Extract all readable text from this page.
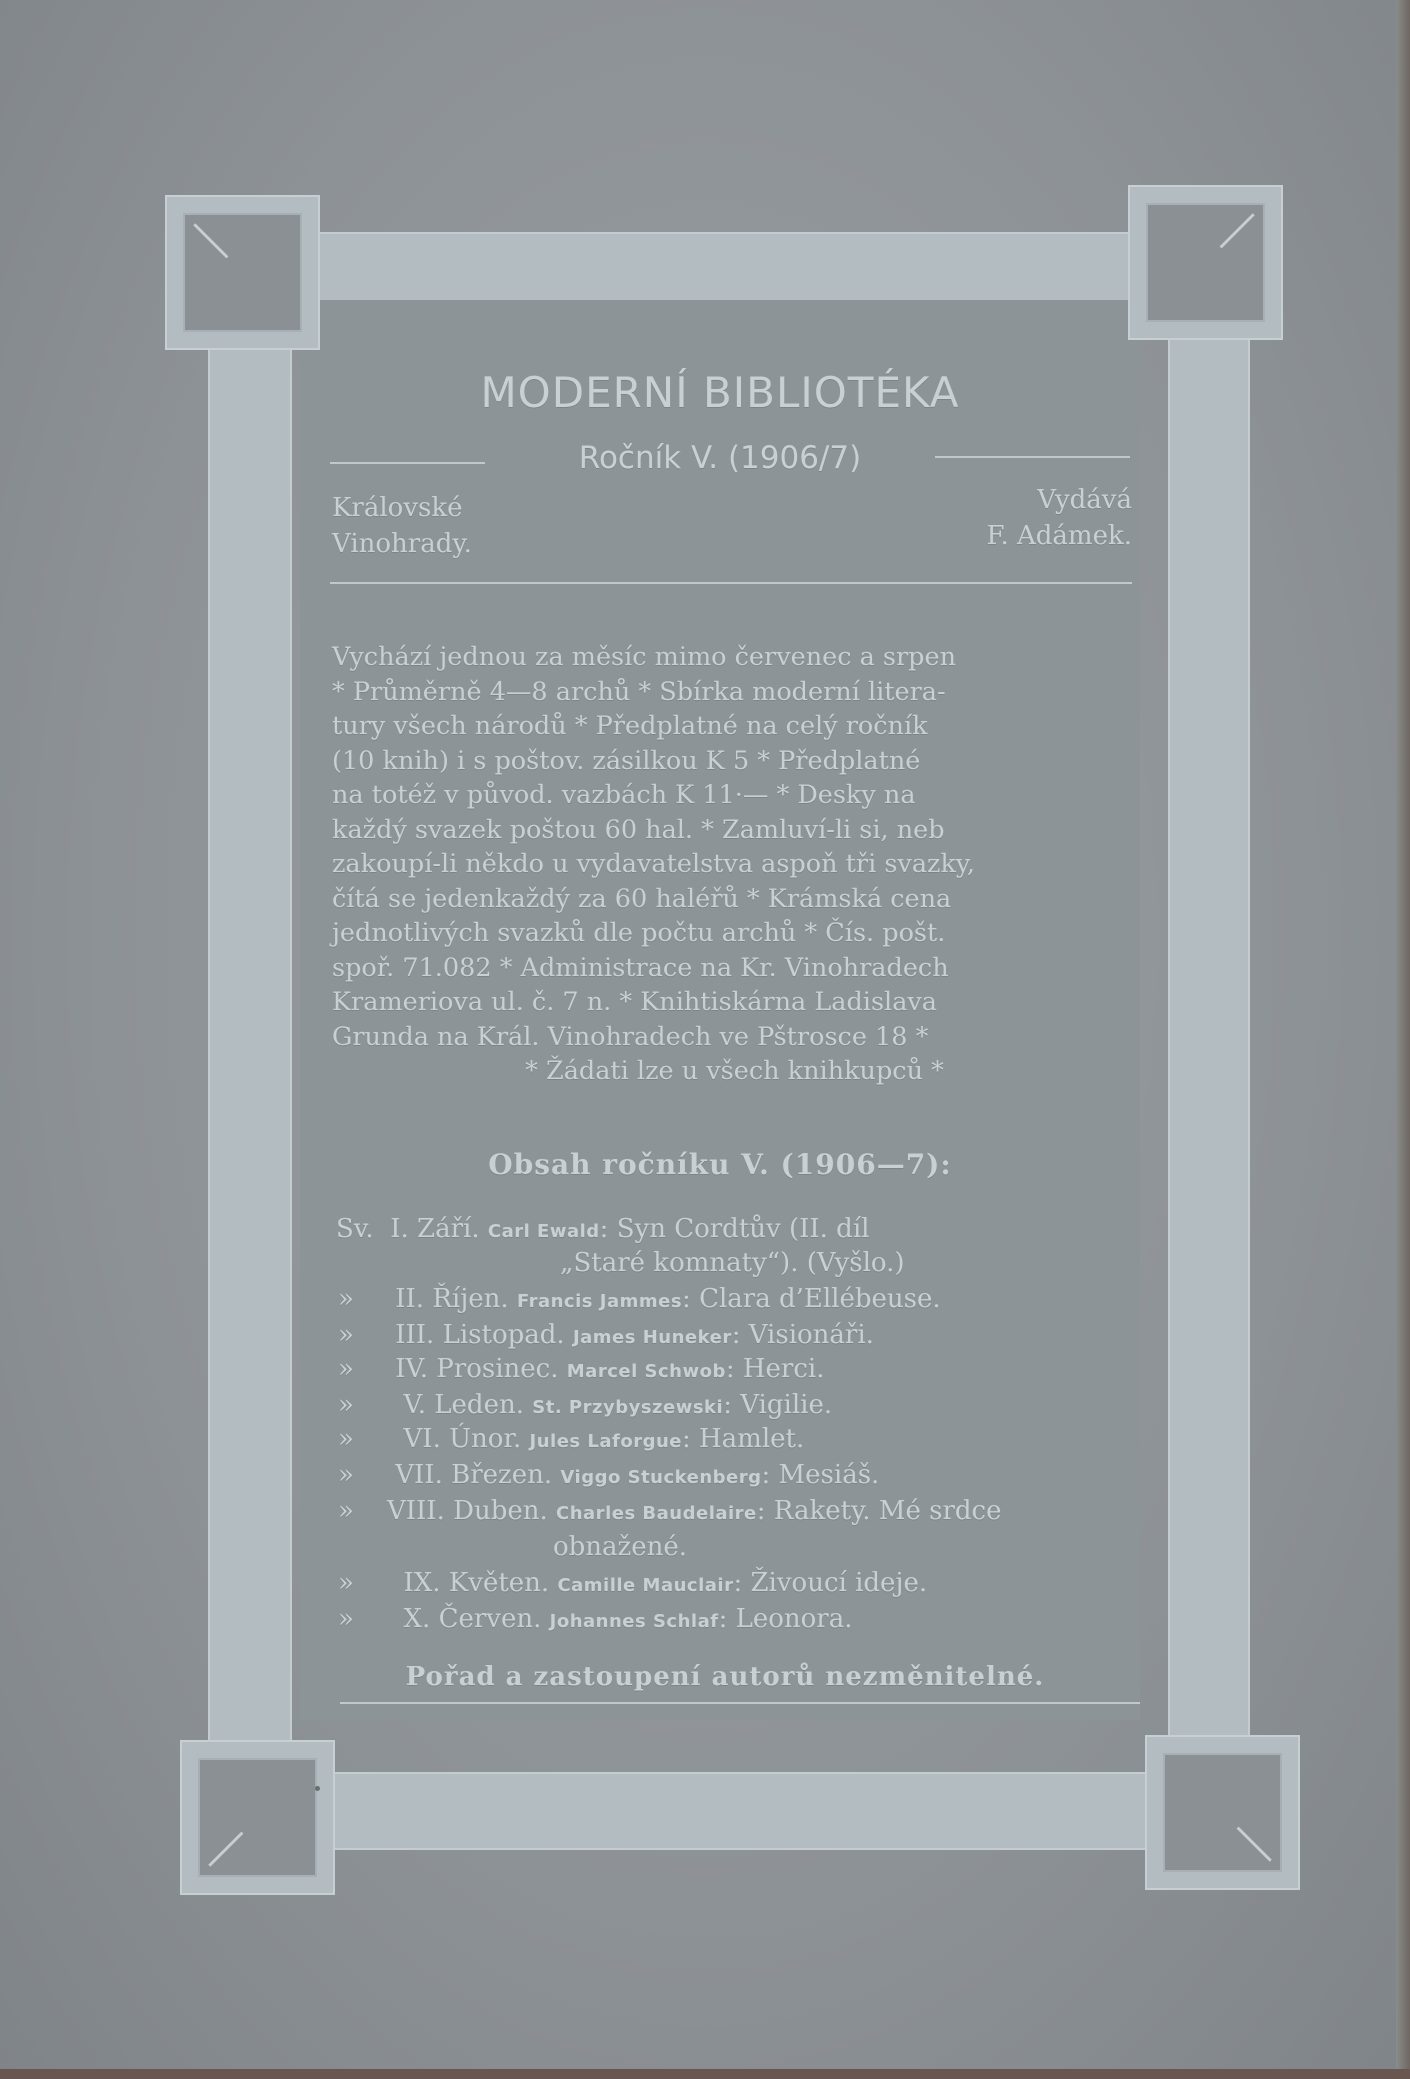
MODERNÍ BIBLIOTÉKA
Ročník V. (1906/7)
Královské
Vinohrady.
Vydává
F. Adámek.

Vychází jednou za měsíc mimo červenec a srpen

* Průměrně 4—8 archů * Sbírka moderní litera-

tury všech národů * Předplatné na celý ročník

(10 knih) i s poštov. zásilkou K 5 * Předplatné

na totéž v původ. vazbách K 11·— * Desky na

každý svazek poštou 60 hal. * Zamluví-li si, neb

zakoupí-li někdo u vydavatelstva aspoň tři svazky,

čítá se jedenkaždý za 60 haléřů * Krámská cena

jednotlivých svazků dle počtu archů * Čís. pošt.

spoř. 71.082 * Administrace na Kr. Vinohradech

Krameriova ul. č. 7 n. * Knihtiskárna Ladislava

Grunda na Král. Vinohradech ve Pštrosce 18 *

* Žádati lze u všech knihkupců *

Obsah ročníku V. (1906—7):
Sv. I. Září. Carl Ewald: Syn Cordtův (II. díl
„Staré komnaty“). (Vyšlo.)
» II. Říjen. Francis Jammes: Clara d’Ellébeuse.
» III. Listopad. James Huneker: Visionáři.
» IV. Prosinec. Marcel Schwob: Herci.
» V. Leden. St. Przybyszewski: Vigilie.
» VI. Únor. Jules Laforgue: Hamlet.
» VII. Březen. Viggo Stuckenberg: Mesiáš.
» VIII. Duben. Charles Baudelaire: Rakety. Mé srdce
obnažené.
» IX. Květen. Camille Mauclair: Živoucí ideje.
» X. Červen. Johannes Schlaf: Leonora.
Pořad a zastoupení autorů nezměnitelné.
